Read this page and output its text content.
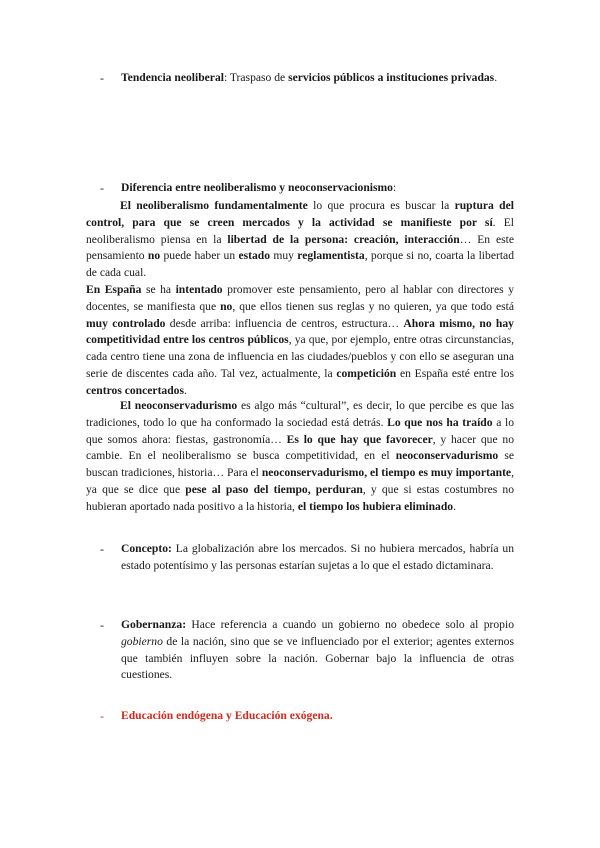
- Tendencia neoliberal: Traspaso de servicios públicos a instituciones privadas.
- Diferencia entre neoliberalismo y neoconservacionismo:
El neoliberalismo fundamentalmente lo que procura es buscar la ruptura del control, para que se creen mercados y la actividad se manifieste por sí. El neoliberalismo piensa en la libertad de la persona: creación, interacción… En este pensamiento no puede haber un estado muy reglamentista, porque si no, coarta la libertad de cada cual.
En España se ha intentado promover este pensamiento, pero al hablar con directores y docentes, se manifiesta que no, que ellos tienen sus reglas y no quieren, ya que todo está muy controlado desde arriba: influencia de centros, estructura… Ahora mismo, no hay competitividad entre los centros públicos, ya que, por ejemplo, entre otras circunstancias, cada centro tiene una zona de influencia en las ciudades/pueblos y con ello se aseguran una serie de discentes cada año. Tal vez, actualmente, la competición en España esté entre los centros concertados.
El neoconservadurismo es algo más “cultural”, es decir, lo que percibe es que las tradiciones, todo lo que ha conformado la sociedad está detrás. Lo que nos ha traído a lo que somos ahora: fiestas, gastronomía… Es lo que hay que favorecer, y hacer que no cambie. En el neoliberalismo se busca competitividad, en el neoconservadurismo se buscan tradiciones, historia… Para el neoconservadurismo, el tiempo es muy importante, ya que se dice que pese al paso del tiempo, perduran, y que si estas costumbres no hubieran aportado nada positivo a la historia, el tiempo los hubiera eliminado.
- Concepto: La globalización abre los mercados. Si no hubiera mercados, habría un estado potentísimo y las personas estarían sujetas a lo que el estado dictaminara.
- Gobernanza: Hace referencia a cuando un gobierno no obedece solo al propio gobierno de la nación, sino que se ve influenciado por el exterior; agentes externos que también influyen sobre la nación. Gobernar bajo la influencia de otras cuestiones.
- Educación endógena y Educación exógena.
